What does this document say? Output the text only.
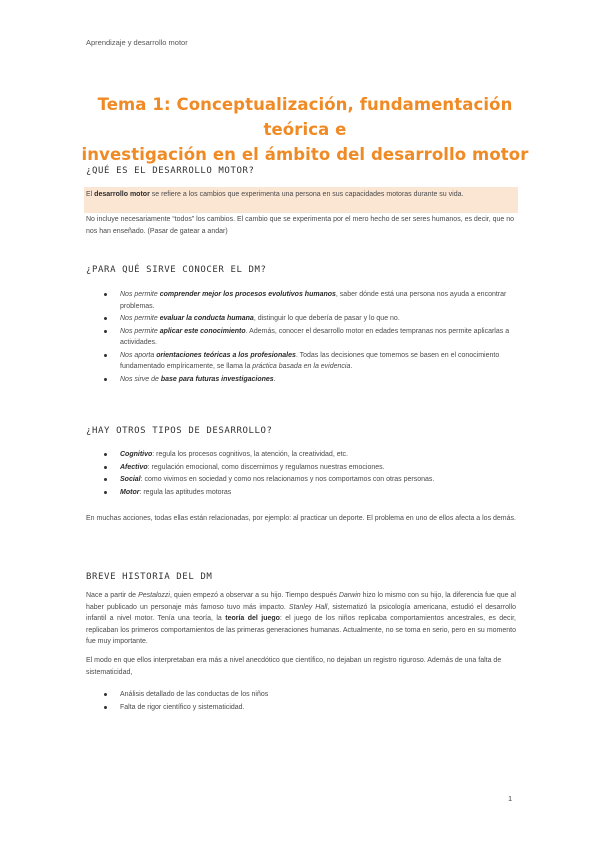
Aprendizaje y desarrollo motor
Tema 1: Conceptualización, fundamentación teórica e
investigación en el ámbito del desarrollo motor
¿QUÉ ES EL DESARROLLO MOTOR?
El desarrollo motor se refiere a los cambios que experimenta una persona en sus capacidades motoras durante su vida.
No incluye necesariamente “todos” los cambios. El cambio que se experimenta por el mero hecho de ser seres humanos, es decir, que no nos han enseñado. (Pasar de gatear a andar)
¿PARA QUÉ SIRVE CONOCER EL DM?
Nos permite comprender mejor los procesos evolutivos humanos, saber dónde está una persona nos ayuda a encontrar problemas.
Nos permite evaluar la conducta humana, distinguir lo que debería de pasar y lo que no.
Nos permite aplicar este conocimiento. Además, conocer el desarrollo motor en edades tempranas nos permite aplicarlas a actividades.
Nos aporta orientaciones teóricas a los profesionales. Todas las decisiones que tomemos se basen en el conocimiento fundamentado empíricamente, se llama la práctica basada en la evidencia.
Nos sirve de base para futuras investigaciones.
¿HAY OTROS TIPOS DE DESARROLLO?
Cognitivo: regula los procesos cognitivos, la atención, la creatividad, etc.
Afectivo: regulación emocional, como discernimos y regulamos nuestras emociones.
Social: como vivimos en sociedad y como nos relacionamos y nos comportamos con otras personas.
Motor: regula las aptitudes motoras
En muchas acciones, todas ellas están relacionadas, por ejemplo: al practicar un deporte. El problema en uno de ellos afecta a los demás.
BREVE HISTORIA DEL DM
Nace a partir de Pestalozzi, quien empezó a observar a su hijo. Tiempo después Darwin hizo lo mismo con su hijo, la diferencia fue que al haber publicado un personaje más famoso tuvo más impacto. Stanley Hall, sistematizó la psicología americana, estudió el desarrollo infantil a nivel motor. Tenía una teoría, la teoría del juego: el juego de los niños replicaba comportamientos ancestrales, es decir, replicaban los primeros comportamientos de las primeras generaciones humanas. Actualmente, no se toma en serio, pero en su momento fue muy importante.
El modo en que ellos interpretaban era más a nivel anecdótico que científico, no dejaban un registro riguroso. Además de una falta de sistematicidad,
Análisis detallado de las conductas de los niños
Falta de rigor científico y sistematicidad.
1
